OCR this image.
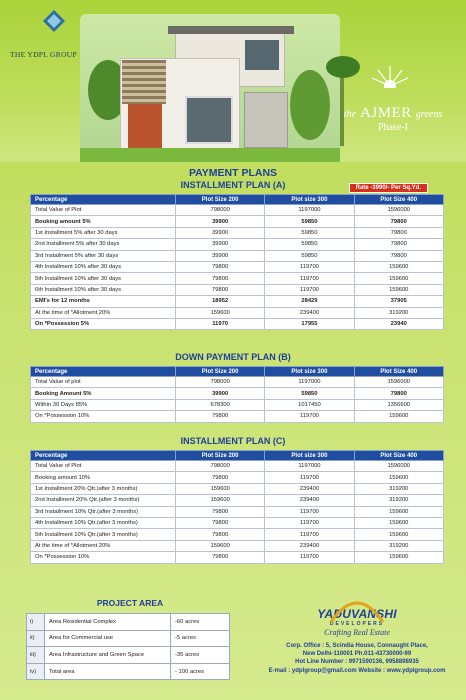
THE YDPL GROUP
the AJMER greens
Phase-I
PAYMENT PLANS
INSTALLMENT PLAN (A)	Rate -3990/- Per Sq.Yd.
Percentage	Plot Size 200	Plot size 300	Plot Size 400
Total Value of Plot	798000	1197000	1596000
Booking amount 5%	39900	59850	79800
1st Installment 5% after 30 days	39900	59850	79800
2nd Installment 5% after 30 days	39900	59850	79800
3rd Installment 5% after 30 days	39900	59850	79800
4th Installment 10% after 30 days	79800	119700	159600
5th Installment 10% after 30 days	79800	119700	159600
6th Installment 10% after 30 days	79800	119700	159600
EMI's for 12 months	18952	28429	37905
At the time of *Allotment 20%	159600	239400	319200
On *Possession 5%	11970	17955	23940
DOWN PAYMENT PLAN (B)
Percentage	Plot Size 200	Plot size 300	Plot Size 400
Total Value of plot	798000	1197000	1596000
Booking Amount 5%	39900	59850	79800
Within 30 Days 85%	678300	1017450	1356600
On *Possession 10%	79800	119700	159600
INSTALLMENT PLAN (C)
Percentage	Plot Size 200	Plot size 300	Plot Size 400
Total Value of Plot	798000	1197000	1596000
Booking amount 10%	79800	119700	159600
1st Installment 20% Qtr.(after 3 months)	159600	239400	319200
2nd Installment 20% Qtr.(after 3 months)	159600	239400	319200
3rd Installment 10% Qtr.(after 3 months)	79800	119700	159600
4th Installment 10% Qtr.(after 3 months)	79800	119700	159600
5th Installment 10% Qtr.(after 3 months)	79800	119700	159600
At the time of *Allotment 20%	159600	239400	319200
On *Possession 10%	79800	119700	159600
PROJECT AREA
i)	Area Residential Complex	-60 acres
ii)	Area for Commercial use	-5 acres
iii)	Area Infrastructure and Green Space	-35 acres
iv)	Total area	- 100 acres
YADUVANSHI
DEVELOPERS
Crafting Real Estate
Corp. Office : 5, Scindia House, Connaught Place,
New Delhi-110001 Ph.011-43730000-99
Hot Line Number : 9971590136, 9958898935
E-mail : ydplgroup@gmail.com Website : www.ydplgroup.com
